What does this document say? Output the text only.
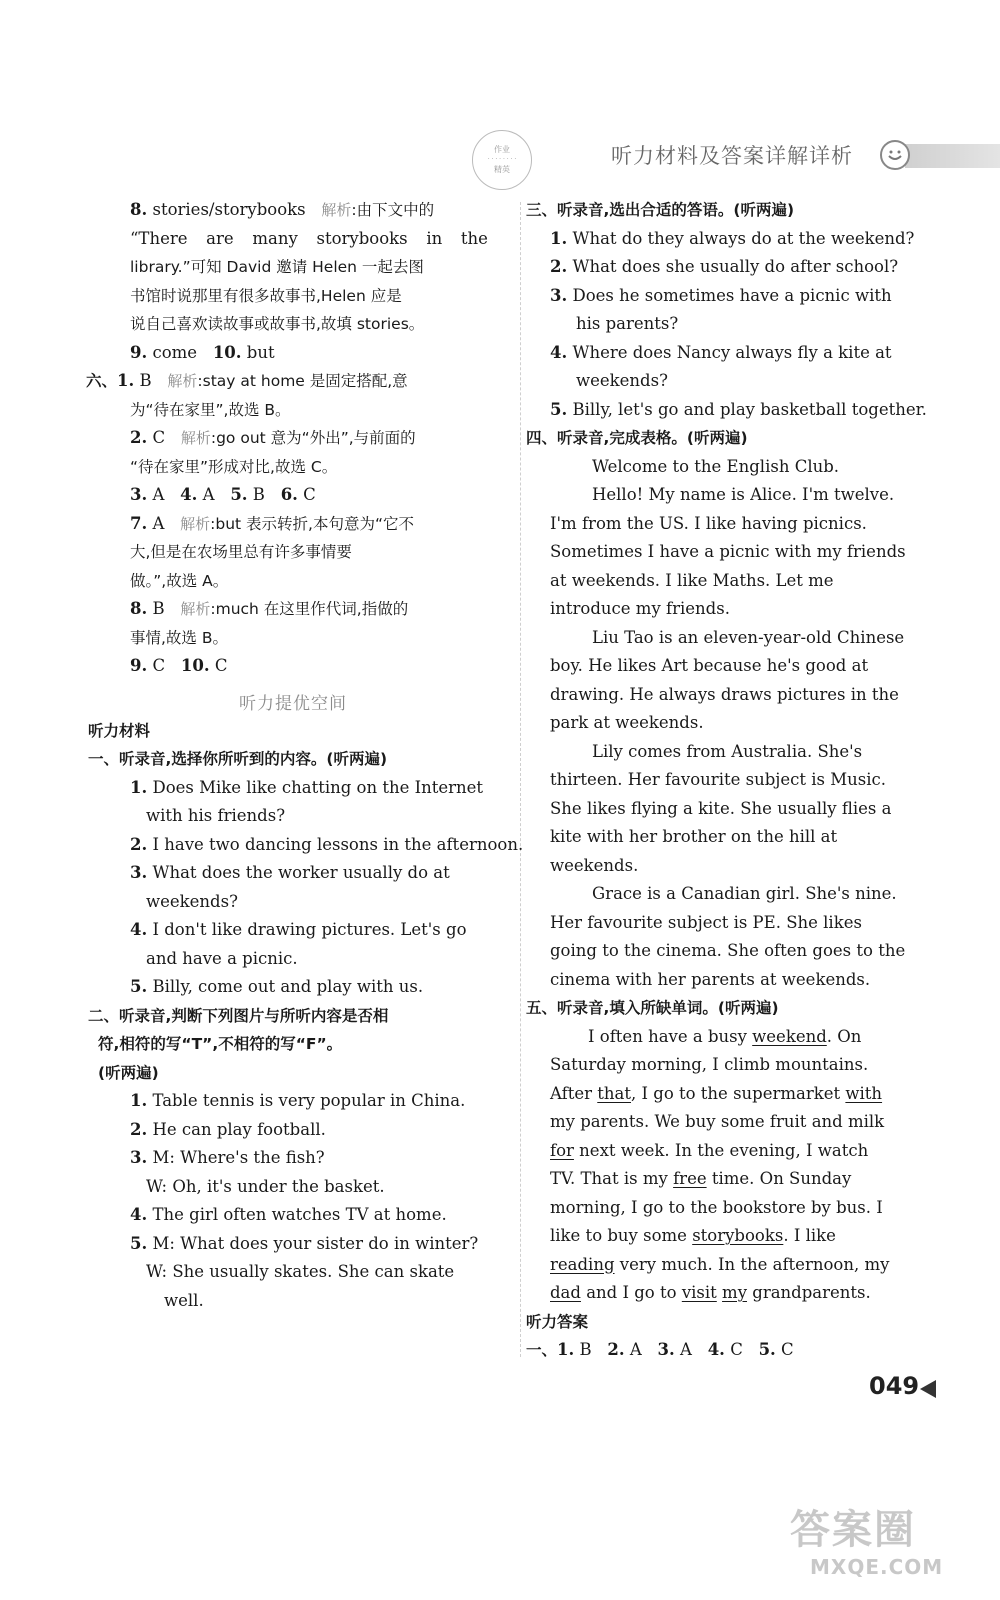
作业
· · · · · · · ·
精英
听力材料及答案详解详析
8. stories/storybooks 解析:由下文中的
“There are many storybooks in the
library.”可知 David 邀请 Helen 一起去图
书馆时说那里有很多故事书,Helen 应是
说自己喜欢读故事或故事书,故填 stories。
9. come 10. but
六、1. B 解析:stay at home 是固定搭配,意
为“待在家里”,故选 B。
2. C 解析:go out 意为“外出”,与前面的
“待在家里”形成对比,故选 C。
3. A 4. A 5. B 6. C
7. A 解析:but 表示转折,本句意为“它不
大,但是在农场里总有许多事情要
做。”,故选 A。
8. B 解析:much 在这里作代词,指做的
事情,故选 B。
9. C 10. C
听力提优空间
听力材料
一、听录音,选择你所听到的内容。(听两遍)
1. Does Mike like chatting on the Internet
with his friends?
2. I have two dancing lessons in the afternoon.
3. What does the worker usually do at
weekends?
4. I don't like drawing pictures. Let's go
and have a picnic.
5. Billy, come out and play with us.
二、听录音,判断下列图片与所听内容是否相
符,相符的写“T”,不相符的写“F”。
(听两遍)
1. Table tennis is very popular in China.
2. He can play football.
3. M: Where's the fish?
W: Oh, it's under the basket.
4. The girl often watches TV at home.
5. M: What does your sister do in winter?
W: She usually skates. She can skate
well.
三、听录音,选出合适的答语。(听两遍)
1. What do they always do at the weekend?
2. What does she usually do after school?
3. Does he sometimes have a picnic with
his parents?
4. Where does Nancy always fly a kite at
weekends?
5. Billy, let's go and play basketball together.
四、听录音,完成表格。(听两遍)
Welcome to the English Club.
Hello! My name is Alice. I'm twelve.
I'm from the US. I like having picnics.
Sometimes I have a picnic with my friends
at weekends. I like Maths. Let me
introduce my friends.
Liu Tao is an eleven-year-old Chinese
boy. He likes Art because he's good at
drawing. He always draws pictures in the
park at weekends.
Lily comes from Australia. She's
thirteen. Her favourite subject is Music.
She likes flying a kite. She usually flies a
kite with her brother on the hill at
weekends.
Grace is a Canadian girl. She's nine.
Her favourite subject is PE. She likes
going to the cinema. She often goes to the
cinema with her parents at weekends.
五、听录音,填入所缺单词。(听两遍)
I often have a busy weekend. On
Saturday morning, I climb mountains.
After that, I go to the supermarket with
my parents. We buy some fruit and milk
for next week. In the evening, I watch
TV. That is my free time. On Sunday
morning, I go to the bookstore by bus. I
like to buy some storybooks. I like
reading very much. In the afternoon, my
dad and I go to visit my grandparents.
听力答案
一、1. B 2. A 3. A 4. C 5. C
049
答案圈
MXQE.COM
